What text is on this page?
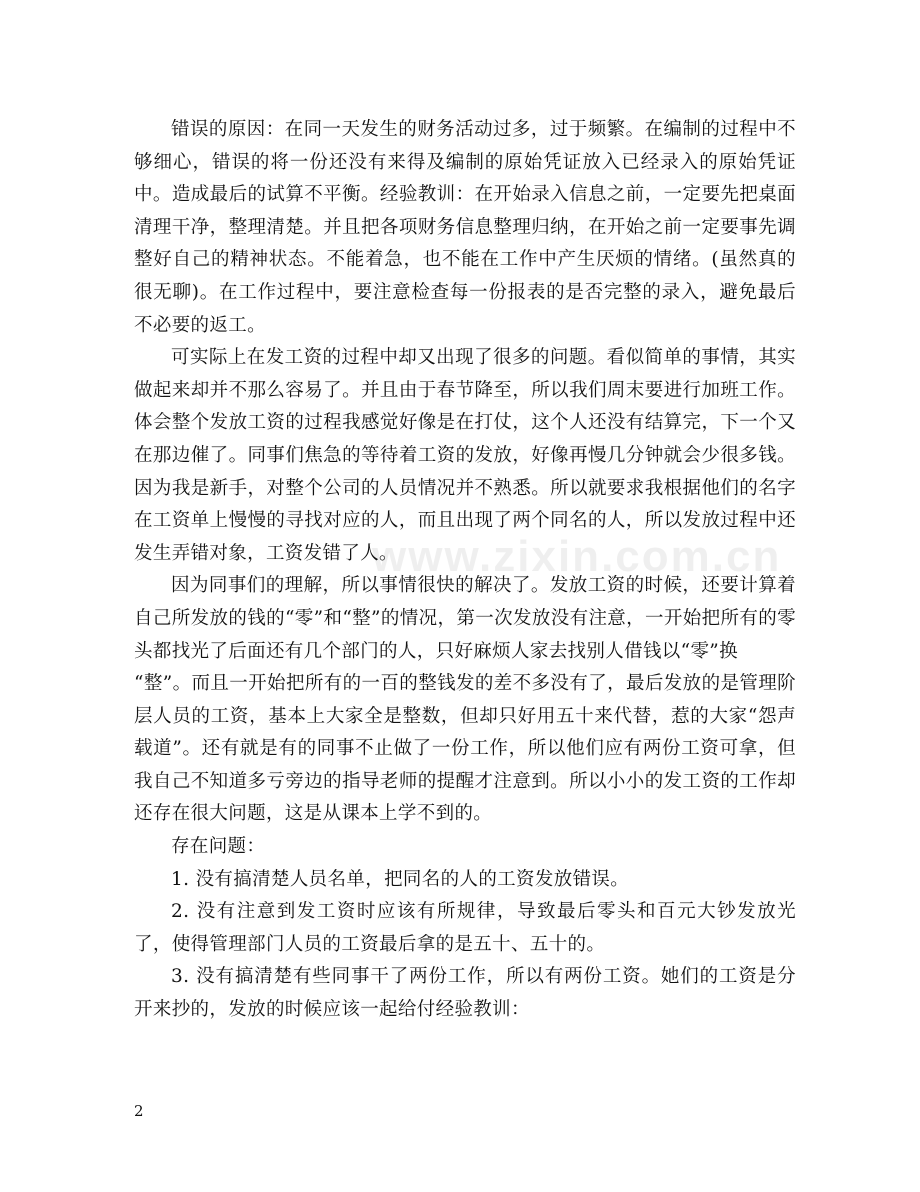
www.zixin.com.cn

错误的原因：在同一天发生的财务活动过多，过于频繁。在编制的过程中不够细心，错误的将一份还没有来得及编制的原始凭证放入已经录入的原始凭证中。造成最后的试算不平衡。经验教训：在开始录入信息之前，一定要先把桌面清理干净，整理清楚。并且把各项财务信息整理归纳，在开始之前一定要事先调整好自己的精神状态。不能着急，也不能在工作中产生厌烦的情绪。(虽然真的很无聊)。在工作过程中，要注意检查每一份报表的是否完整的录入，避免最后不必要的返工。

可实际上在发工资的过程中却又出现了很多的问题。看似简单的事情，其实做起来却并不那么容易了。并且由于春节降至，所以我们周末要进行加班工作。体会整个发放工资的过程我感觉好像是在打仗，这个人还没有结算完，下一个又在那边催了。同事们焦急的等待着工资的发放，好像再慢几分钟就会少很多钱。因为我是新手，对整个公司的人员情况并不熟悉。所以就要求我根据他们的名字在工资单上慢慢的寻找对应的人，而且出现了两个同名的人，所以发放过程中还发生弄错对象，工资发错了人。

因为同事们的理解，所以事情很快的解决了。发放工资的时候，还要计算着自己所发放的钱的“零”和“整”的情况，第一次发放没有注意，一开始把所有的零头都找光了后面还有几个部门的人，只好麻烦人家去找别人借钱以“零”换
“整”。而且一开始把所有的一百的整钱发的差不多没有了，最后发放的是管理阶层人员的工资，基本上大家全是整数，但却只好用五十来代替，惹的大家“怨声载道”。还有就是有的同事不止做了一份工作，所以他们应有两份工资可拿，但我自己不知道多亏旁边的指导老师的提醒才注意到。所以小小的发工资的工作却还存在很大问题，这是从课本上学不到的。

存在问题：

1. 没有搞清楚人员名单，把同名的人的工资发放错误。

2. 没有注意到发工资时应该有所规律，导致最后零头和百元大钞发放光了，使得管理部门人员的工资最后拿的是五十、五十的。

3. 没有搞清楚有些同事干了两份工作，所以有两份工资。她们的工资是分开来抄的，发放的时候应该一起给付经验教训：

2
